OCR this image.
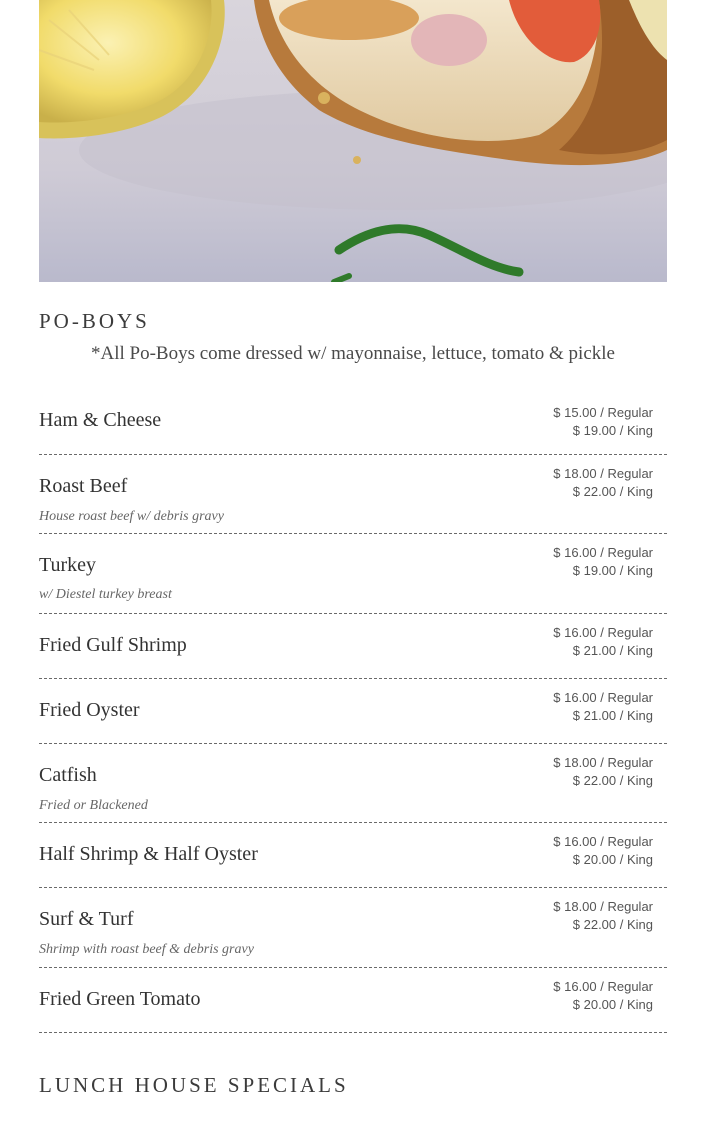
PO-BOYS

*All Po-Boys come dressed w/ mayonnaise, lettuce, tomato & pickle

Ham & Cheese	$ 15.00 / Regular
$ 19.00 / King

Roast Beef

House roast beef w/ debris gravy

$ 18.00 / Regular
$ 22.00 / King

Turkey

w/ Diestel turkey breast

$ 16.00 / Regular
$ 19.00 / King

Fried Gulf Shrimp

$ 16.00 / Regular
$ 21.00 / King

Fried Oyster

$ 16.00 / Regular
$ 21.00 / King

Catfish

Fried or Blackened

$ 18.00 / Regular
$ 22.00 / King

Half Shrimp & Half Oyster

$ 16.00 / Regular
$ 20.00 / King

Surf & Turf

Shrimp with roast beef & debris gravy

$ 18.00 / Regular
$ 22.00 / King

Fried Green Tomato

$ 16.00 / Regular
$ 20.00 / King
LUNCH HOUSE SPECIALS
